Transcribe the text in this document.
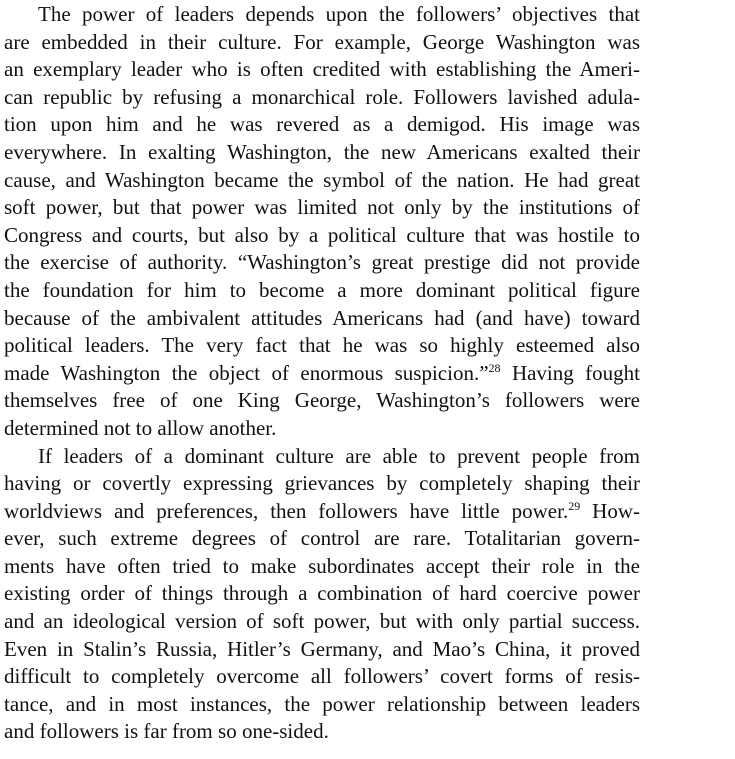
The power of leaders depends upon the followers’ objectives that
are embedded in their culture. For example, George Washington was
an exemplary leader who is often credited with establishing the Ameri-
can republic by refusing a monarchical role. Followers lavished adula-
tion upon him and he was revered as a demigod. His image was
everywhere. In exalting Washington, the new Americans exalted their
cause, and Washington became the symbol of the nation. He had great
soft power, but that power was limited not only by the institutions of
Congress and courts, but also by a political culture that was hostile to
the exercise of authority. “Washington’s great prestige did not provide
the foundation for him to become a more dominant political figure
because of the ambivalent attitudes Americans had (and have) toward
political leaders. The very fact that he was so highly esteemed also
made Washington the object of enormous suspicion.”$^{28}$ Having fought
themselves free of one King George, Washington’s followers were
determined not to allow another.
If leaders of a dominant culture are able to prevent people from
having or covertly expressing grievances by completely shaping their
worldviews and preferences, then followers have little power.$^{29}$ How-
ever, such extreme degrees of control are rare. Totalitarian govern-
ments have often tried to make subordinates accept their role in the
existing order of things through a combination of hard coercive power
and an ideological version of soft power, but with only partial success.
Even in Stalin’s Russia, Hitler’s Germany, and Mao’s China, it proved
difficult to completely overcome all followers’ covert forms of resis-
tance, and in most instances, the power relationship between leaders
and followers is far from so one-sided.
